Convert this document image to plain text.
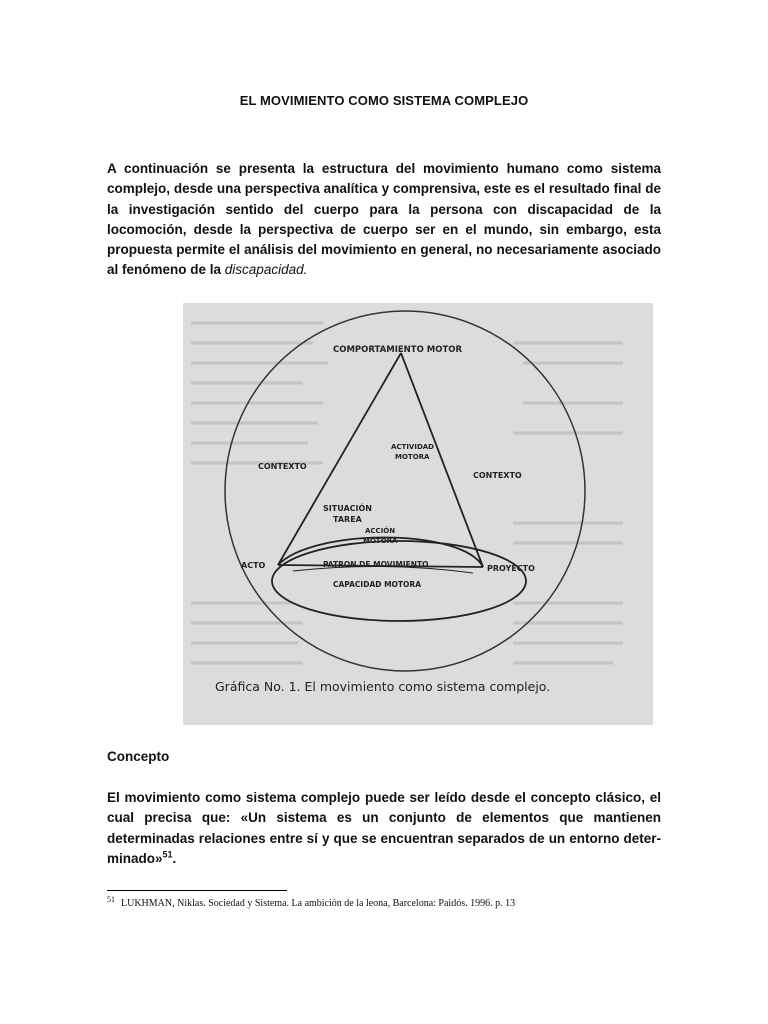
EL MOVIMIENTO COMO SISTEMA COMPLEJO

A continuación se presenta la estructura del movimiento humano como sistema complejo, desde una perspectiva analítica y comprensiva, este es el resultado final de la investigación sentido del cuerpo para la persona con discapacidad de la locomoción, desde la perspectiva de cuerpo ser en el mundo, sin embargo, esta propuesta permite el análisis del movimiento en general, no necesariamente asociado al fenómeno de la discapacidad.

COMPORTAMIENTO MOTOR
ACTIVIDAD
MOTORA
CONTEXTO
CONTEXTO
SITUACIÓN
TAREA
ACCIÓN
MOTORA
ACTO	PROYECTO
PATRON DE MOVIMIENTO
CAPACIDAD MOTORA
Gráfica No. 1. El movimiento como sistema complejo.
Concepto

El movimiento como sistema complejo puede ser leído desde el concepto clásico, el cual precisa que: «Un sistema es un conjunto de elementos que mantienen determinadas relaciones entre sí y que se encuentran separados de un entorno deter-minado»$^{51}$.

$^{51}$ LUKHMAN, Niklas. Sociedad y Sistema. La ambición de la leona, Barcelona: Paidós. 1996. p. 13
